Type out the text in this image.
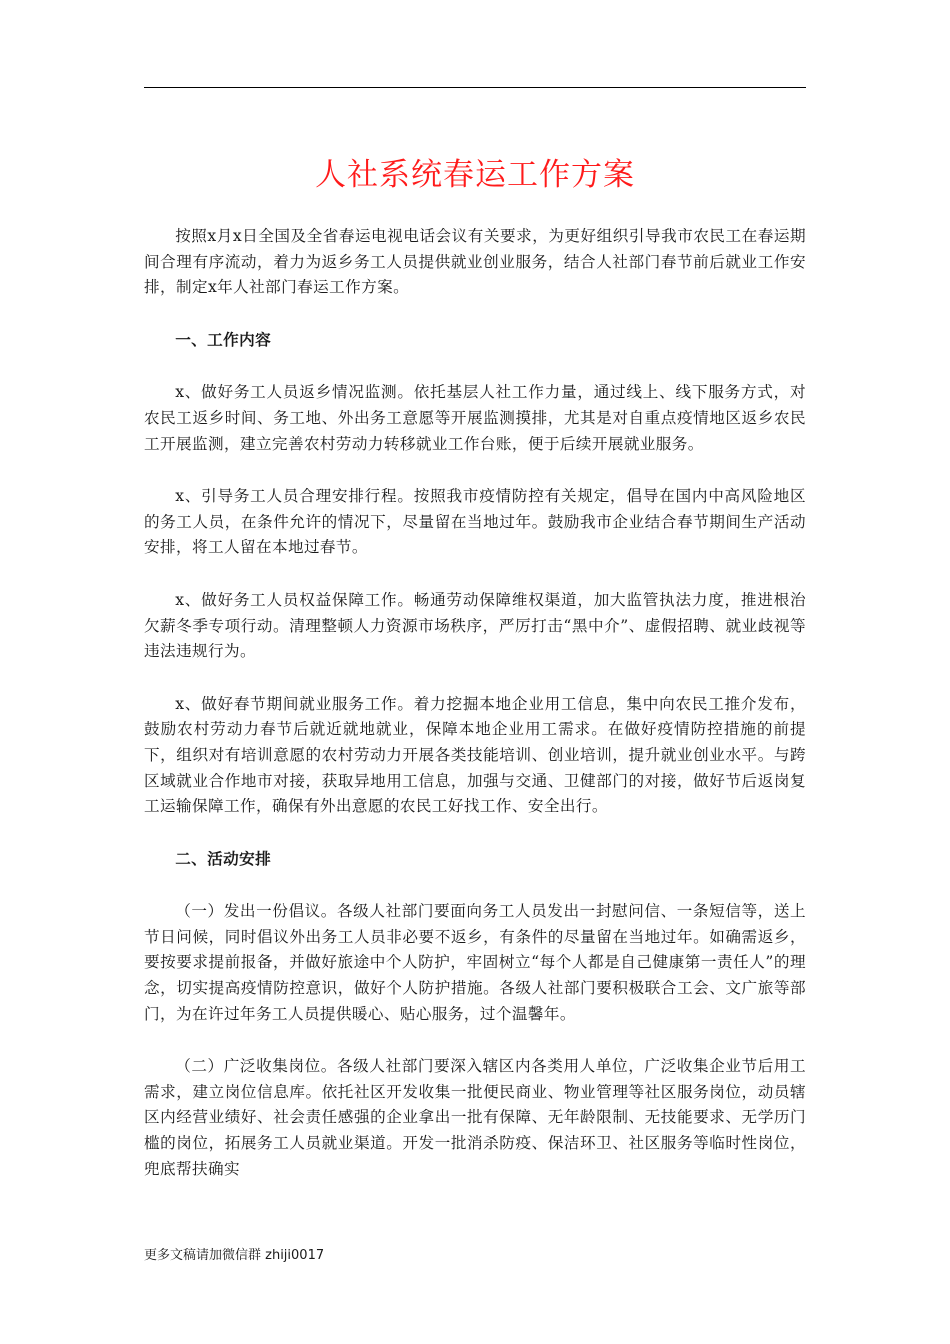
人社系统春运工作方案

按照x月x日全国及全省春运电视电话会议有关要求，为更好组织引导我市农民工在春运期间合理有序流动，着力为返乡务工人员提供就业创业服务，结合人社部门春节前后就业工作安排，制定x年人社部门春运工作方案。

一、工作内容

x、做好务工人员返乡情况监测。依托基层人社工作力量，通过线上、线下服务方式，对农民工返乡时间、务工地、外出务工意愿等开展监测摸排，尤其是对自重点疫情地区返乡农民工开展监测，建立完善农村劳动力转移就业工作台账，便于后续开展就业服务。

x、引导务工人员合理安排行程。按照我市疫情防控有关规定，倡导在国内中高风险地区的务工人员，在条件允许的情况下，尽量留在当地过年。鼓励我市企业结合春节期间生产活动安排，将工人留在本地过春节。

x、做好务工人员权益保障工作。畅通劳动保障维权渠道，加大监管执法力度，推进根治欠薪冬季专项行动。清理整顿人力资源市场秩序，严厉打击“黑中介”、虚假招聘、就业歧视等违法违规行为。

x、做好春节期间就业服务工作。着力挖掘本地企业用工信息，集中向农民工推介发布，鼓励农村劳动力春节后就近就地就业，保障本地企业用工需求。在做好疫情防控措施的前提下，组织对有培训意愿的农村劳动力开展各类技能培训、创业培训，提升就业创业水平。与跨区域就业合作地市对接，获取异地用工信息，加强与交通、卫健部门的对接，做好节后返岗复工运输保障工作，确保有外出意愿的农民工好找工作、安全出行。

二、活动安排

（一）发出一份倡议。各级人社部门要面向务工人员发出一封慰问信、一条短信等，送上节日问候，同时倡议外出务工人员非必要不返乡，有条件的尽量留在当地过年。如确需返乡，要按要求提前报备，并做好旅途中个人防护，牢固树立“每个人都是自己健康第一责任人”的理念，切实提高疫情防控意识，做好个人防护措施。各级人社部门要积极联合工会、文广旅等部门，为在许过年务工人员提供暖心、贴心服务，过个温馨年。

（二）广泛收集岗位。各级人社部门要深入辖区内各类用人单位，广泛收集企业节后用工需求，建立岗位信息库。依托社区开发收集一批便民商业、物业管理等社区服务岗位，动员辖区内经营业绩好、社会责任感强的企业拿出一批有保障、无年龄限制、无技能要求、无学历门槛的岗位，拓展务工人员就业渠道。开发一批消杀防疫、保洁环卫、社区服务等临时性岗位，兜底帮扶确实

更多文稿请加微信群 zhiji0017
